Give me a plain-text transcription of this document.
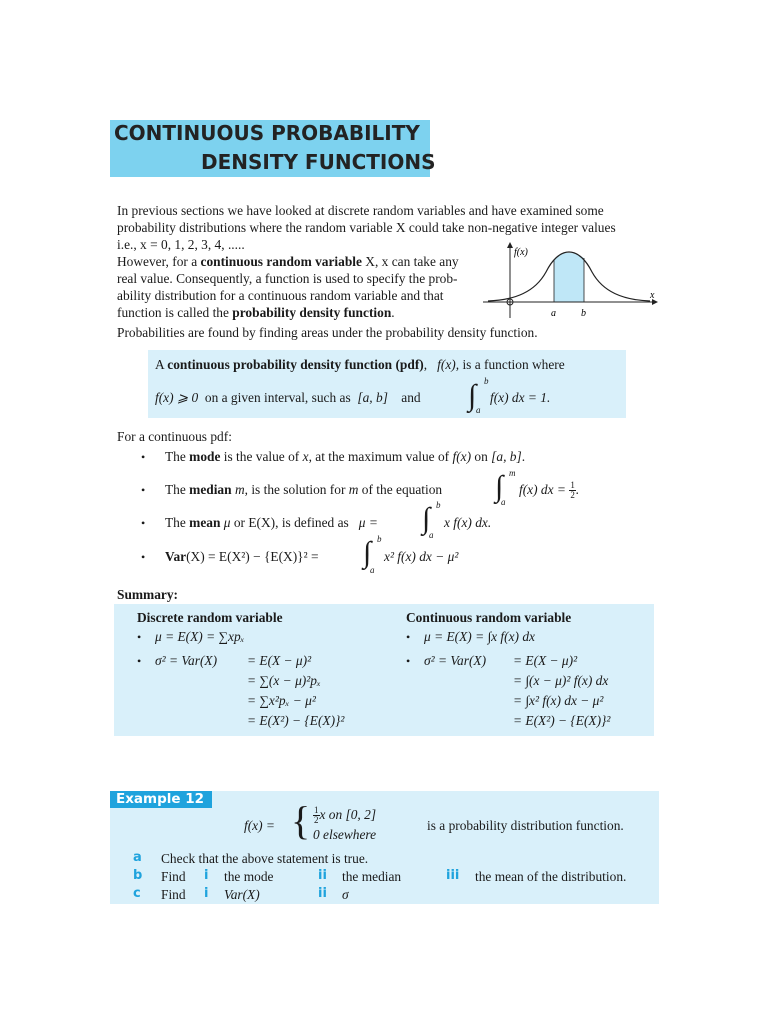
CONTINUOUS PROBABILITY
DENSITY FUNCTIONS
In previous sections we have looked at discrete random variables and have examined some
probability distributions where the random variable X could take non-negative integer values
i.e., x = 0, 1, 2, 3, 4, .....
However, for a continuous random variable X, x can take any
real value. Consequently, a function is used to specify the prob-
ability distribution for a continuous random variable and that
function is called the probability density function.
Probabilities are found by finding areas under the probability density function.
f(x)
x
a	b
A continuous probability density function (pdf), f(x), is a function where
f(x) ⩾ 0 on a given interval, such as [a, b] and ∫ b
a
f(x) dx = 1.
For a continuous pdf:
• The mode is the value of x, at the maximum value of f(x) on [a, b].
• The median m, is the solution for m of the equation ∫ m
a
f(x) dx = $\frac{1}{2}$ .
• The mean μ or E(X), is defined as μ = ∫ b
a
x f(x) dx.
• Var(X) = E(X²) − {E(X)}² = ∫ b
a
x² f(x) dx − μ²
Summary:
Discrete random variable
• μ = E(X) = ∑xpₓ
• σ² = Var(X) = E(X − μ)²
= ∑(x − μ)²pₓ
= ∑x²pₓ − μ²
= E(X²) − {E(X)}²
Continuous random variable
• μ = E(X) = ∫x f(x) dx
• σ² = Var(X) = E(X − μ)²
= ∫(x − μ)² f(x) dx
= ∫x² f(x) dx − μ²
= E(X²) − {E(X)}²
Example 12
f(x) = { $\frac{1}{2}$ x on [0, 2]
0 elsewhere
is a probability distribution function.
a Check that the above statement is true.
b Find i the mode	ii the median	iii the mean of the distribution.
c Find i Var(X)	ii σ
